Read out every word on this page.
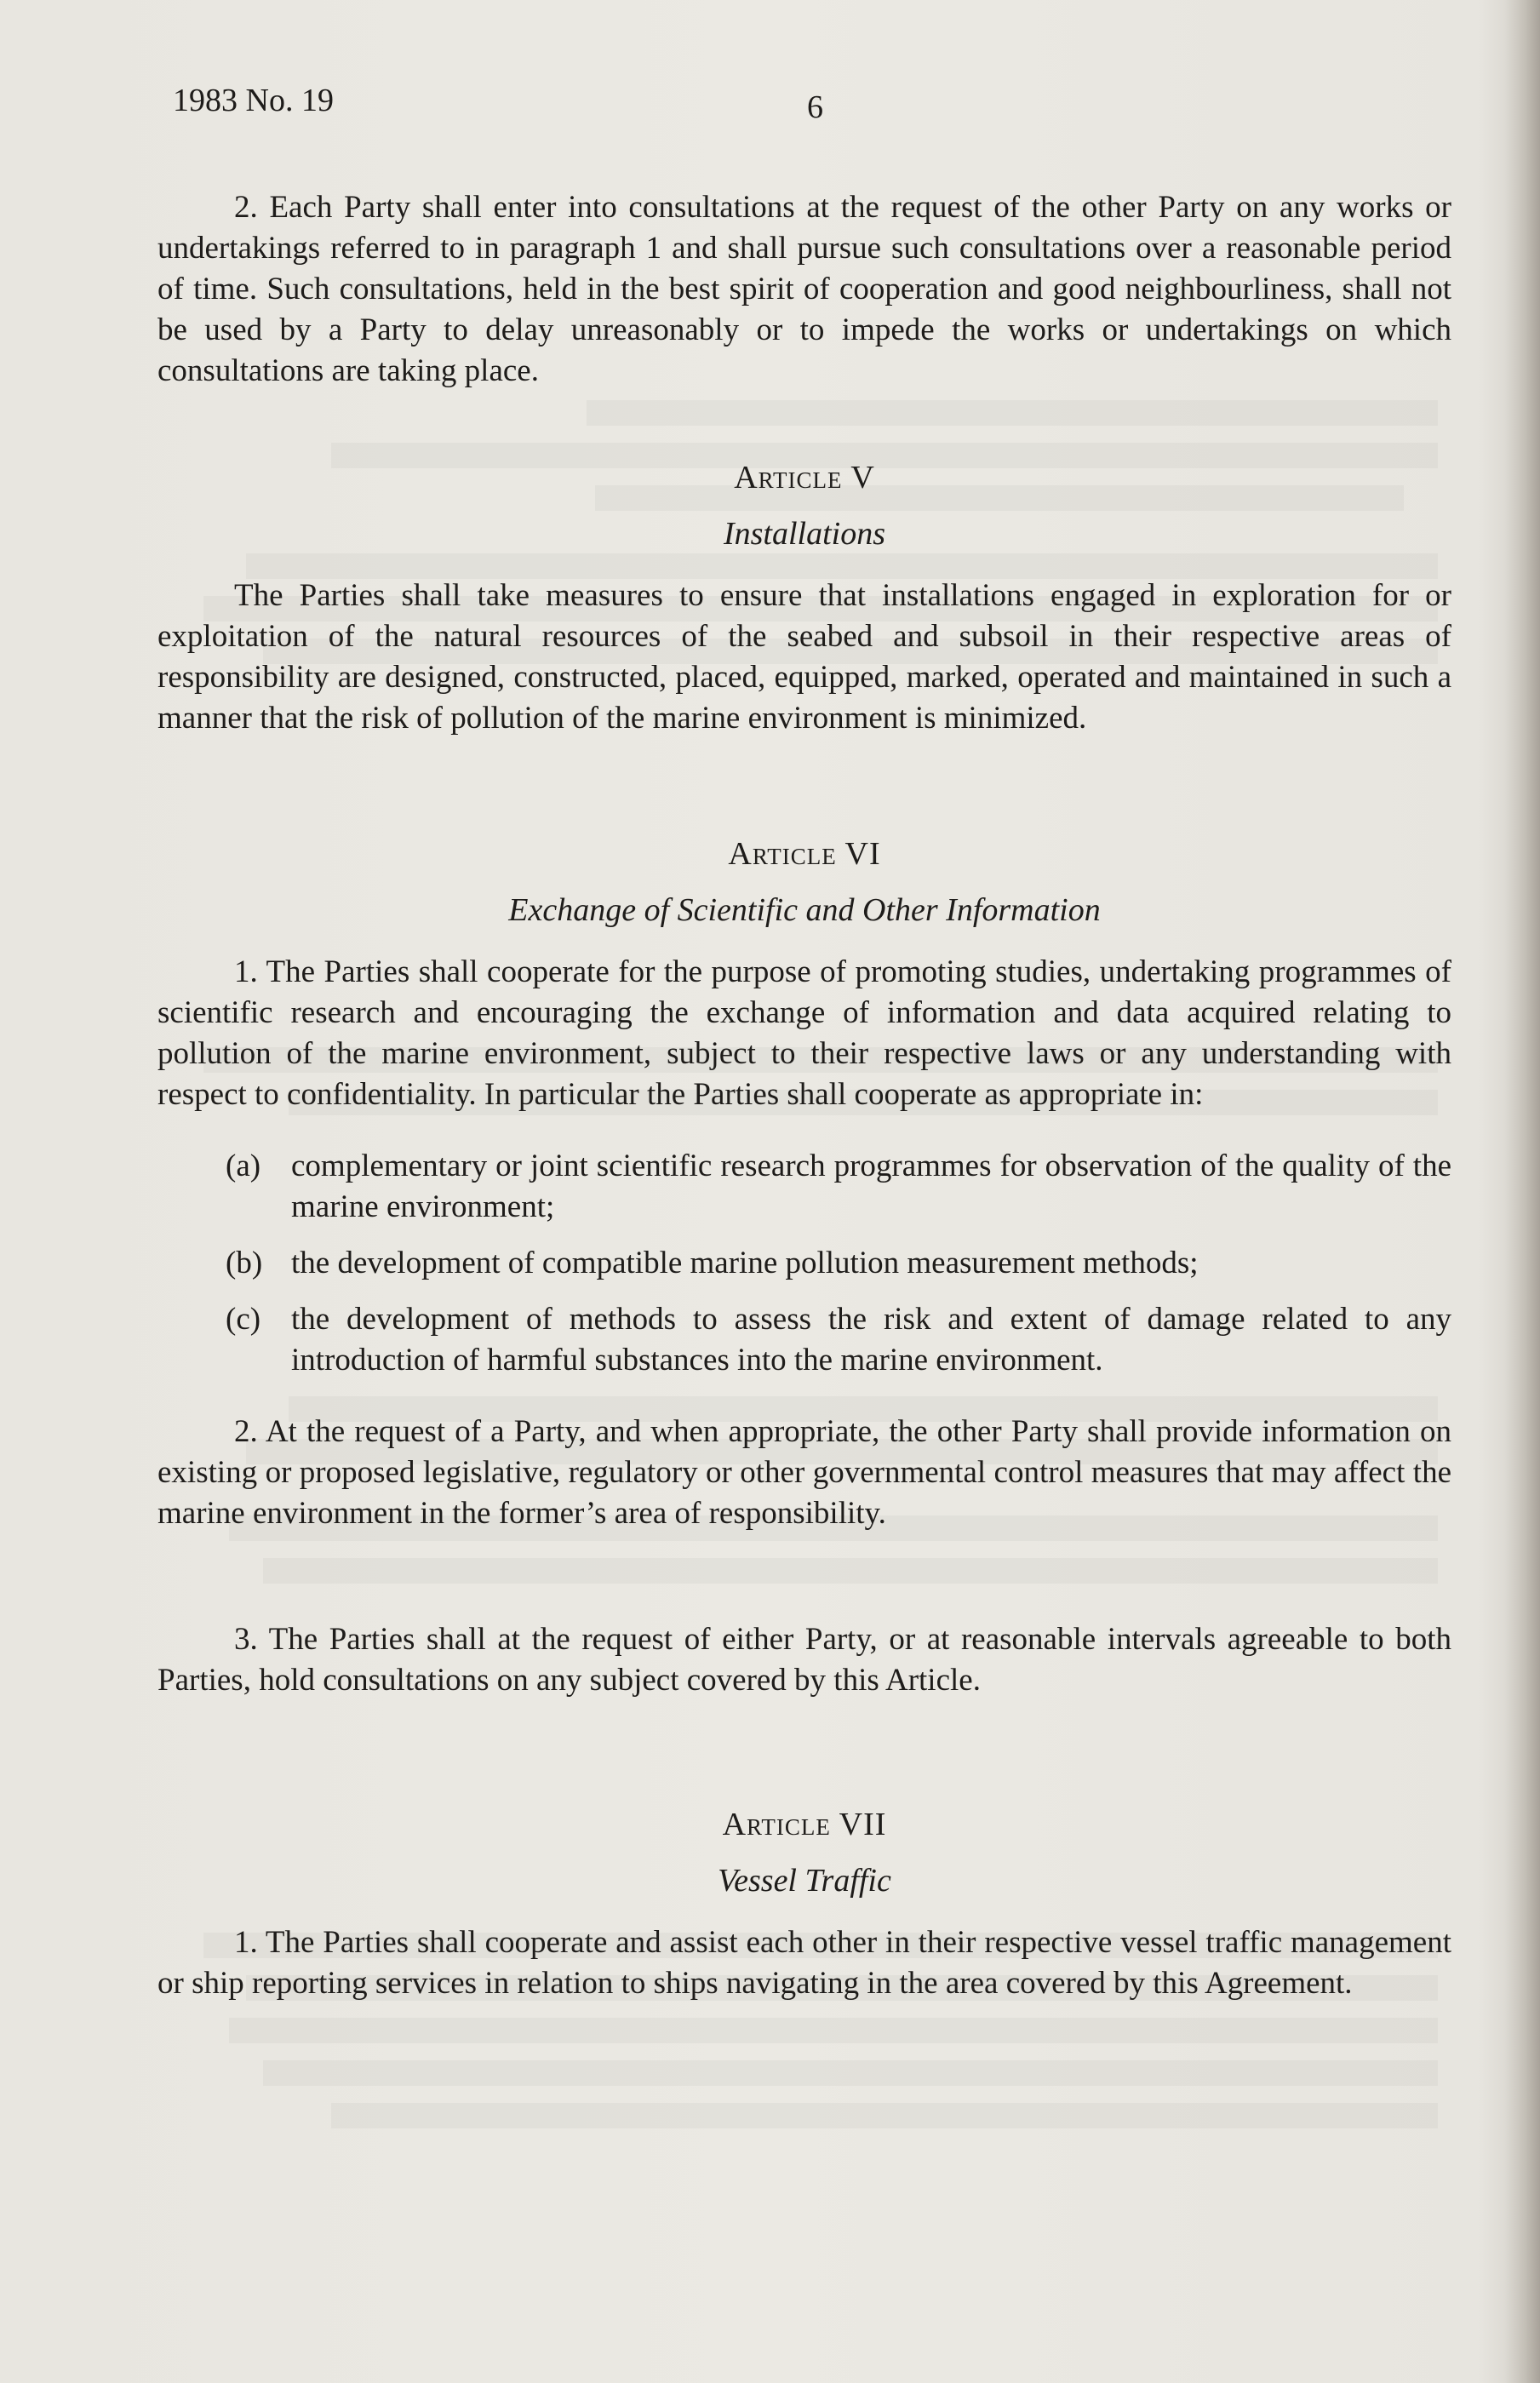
1983 No. 19	6

2. Each Party shall enter into consultations at the request of the other Party on any works or undertakings referred to in paragraph 1 and shall pursue such consultations over a reasonable period of time. Such consultations, held in the best spirit of cooperation and good neighbourliness, shall not be used by a Party to delay unreasonably or to impede the works or undertakings on which consultations are taking place.

Article V

Installations

The Parties shall take measures to ensure that installations engaged in exploration for or exploitation of the natural resources of the seabed and subsoil in their respective areas of responsibility are designed, constructed, placed, equipped, marked, operated and maintained in such a manner that the risk of pollution of the marine environment is minimized.

Article VI

Exchange of Scientific and Other Information

1. The Parties shall cooperate for the purpose of promoting studies, undertaking programmes of scientific research and encouraging the exchange of information and data acquired relating to pollution of the marine environment, subject to their respective laws or any understanding with respect to confidentiality. In particular the Parties shall cooperate as appropriate in:

(a) complementary or joint scientific research programmes for observation of the quality of the marine environment;
(b) the development of compatible marine pollution measurement methods;
(c) the development of methods to assess the risk and extent of damage related to any introduction of harmful substances into the marine environment.

2. At the request of a Party, and when appropriate, the other Party shall provide information on existing or proposed legislative, regulatory or other governmental control measures that may affect the marine environment in the former’s area of responsibility.

3. The Parties shall at the request of either Party, or at reasonable intervals agreeable to both Parties, hold consultations on any subject covered by this Article.

Article VII

Vessel Traffic

1. The Parties shall cooperate and assist each other in their respective vessel traffic management or ship reporting services in relation to ships navigating in the area covered by this Agreement.
